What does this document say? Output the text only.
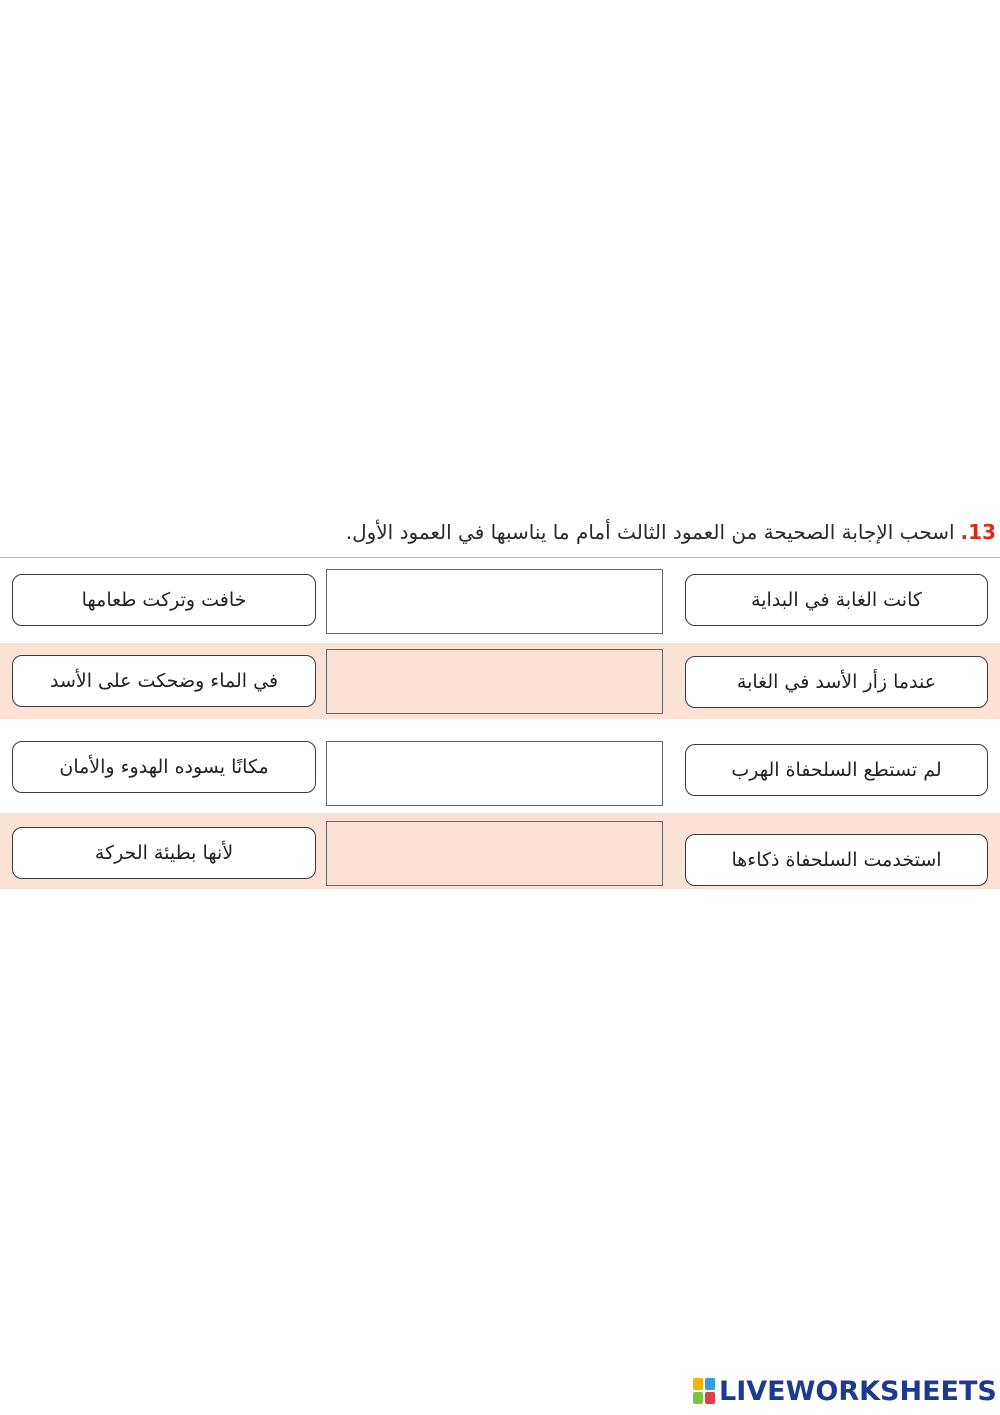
13.اسحب الإجابة الصحيحة من العمود الثالث أمام ما يناسبها في العمود الأول.
خافت وتركت طعامها	كانت الغابة في البداية
في الماء وضحكت على الأسد	عندما زأر الأسد في الغابة
مكانًا يسوده الهدوء والأمان	لم تستطع السلحفاة الهرب
لأنها بطيئة الحركة	استخدمت السلحفاة ذكاءها
LIVEWORKSHEETS
